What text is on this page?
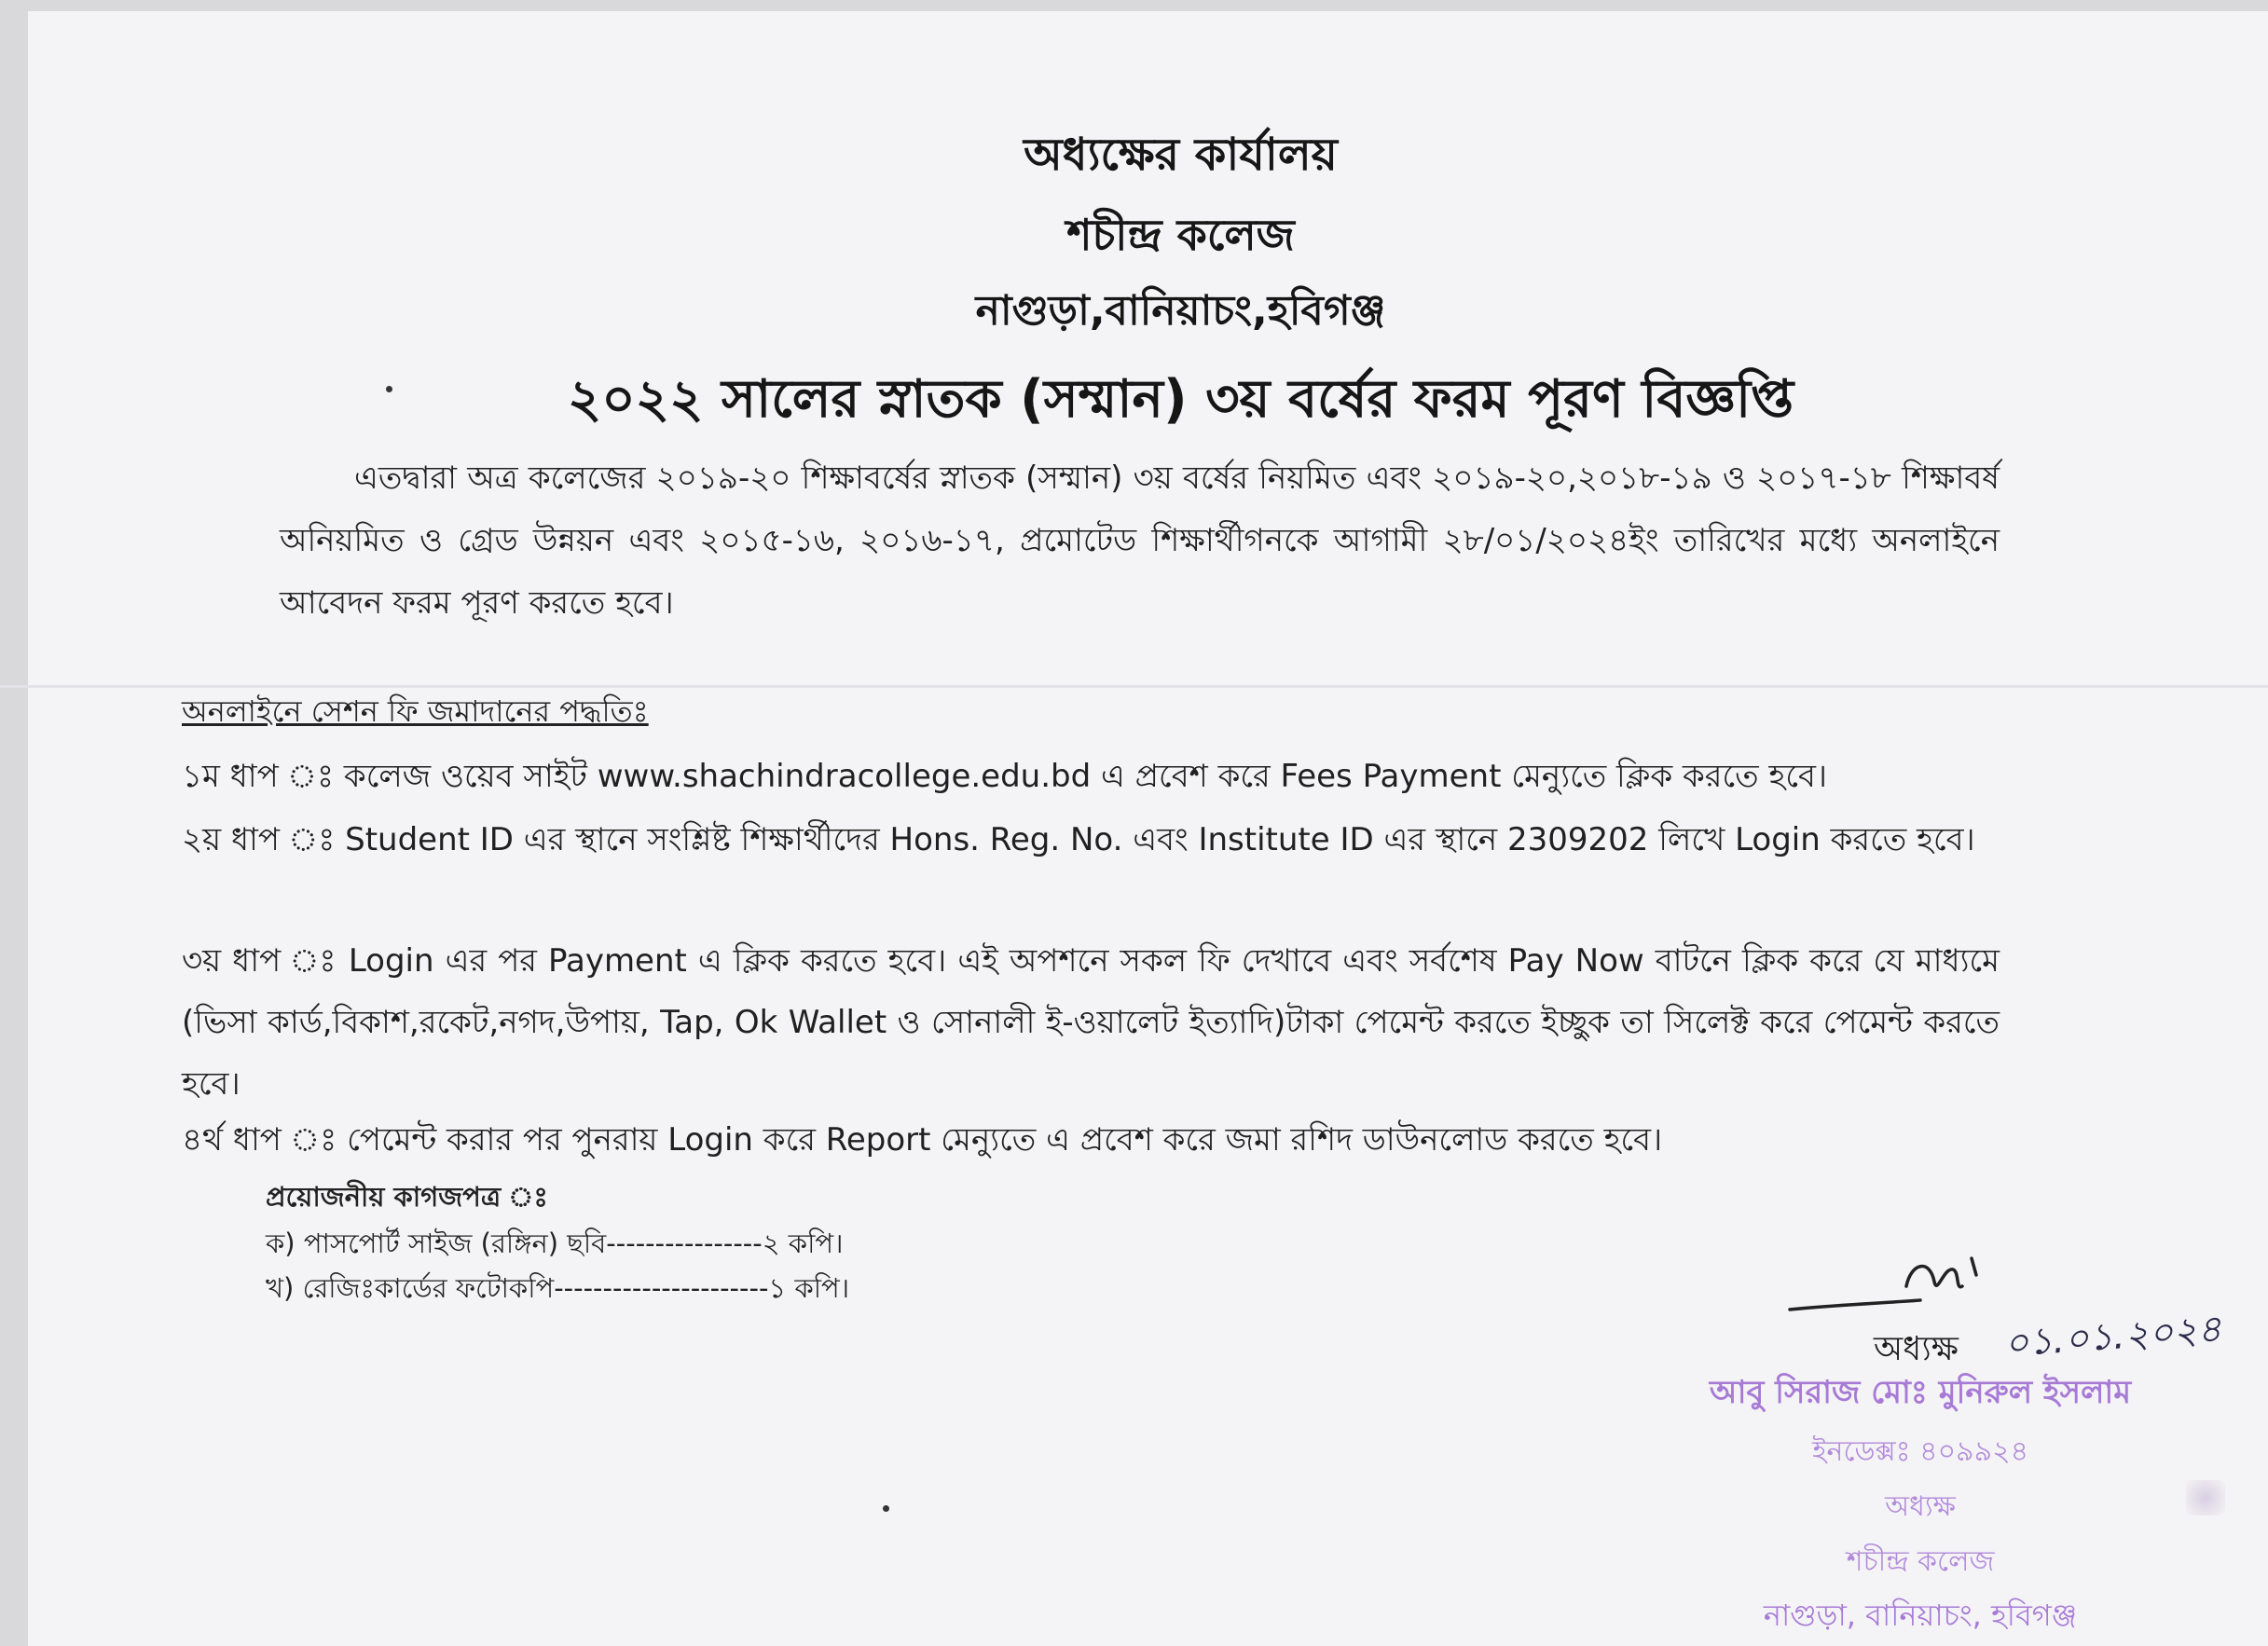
অধ্যক্ষের কার্যালয়
শচীন্দ্র কলেজ
নাগুড়া,বানিয়াচং,হবিগঞ্জ
২০২২ সালের স্নাতক (সম্মান) ৩য় বর্ষের ফরম পূরণ বিজ্ঞপ্তি
এতদ্বারা অত্র কলেজের ২০১৯-২০ শিক্ষাবর্ষের স্নাতক (সম্মান) ৩য় বর্ষের নিয়মিত এবং ২০১৯-২০,২০১৮-১৯ ও ২০১৭-১৮ শিক্ষাবর্ষ অনিয়মিত ও গ্রেড উন্নয়ন এবং ২০১৫-১৬, ২০১৬-১৭, প্রমোটেড শিক্ষার্থীগনকে আগামী ২৮/০১/২০২৪ইং তারিখের মধ্যে অনলাইনে আবেদন ফরম পূরণ করতে হবে।
অনলাইনে সেশন ফি জমাদানের পদ্ধতিঃ
১ম ধাপ ঃ কলেজ ওয়েব সাইট www.shachindracollege.edu.bd এ প্রবেশ করে Fees Payment মেন্যুতে ক্লিক করতে হবে।
২য় ধাপ ঃ Student ID এর স্থানে সংশ্লিষ্ট শিক্ষার্থীদের Hons. Reg. No. এবং Institute ID এর স্থানে 2309202 লিখে Login করতে হবে।
৩য় ধাপ ঃ Login এর পর Payment এ ক্লিক করতে হবে। এই অপশনে সকল ফি দেখাবে এবং সর্বশেষ Pay Now বাটনে ক্লিক করে যে মাধ্যমে (ভিসা কার্ড,বিকাশ,রকেট,নগদ,উপায়, Tap, Ok Wallet ও সোনালী ই-ওয়ালেট ইত্যাদি)টাকা পেমেন্ট করতে ইচ্ছুক তা সিলেক্ট করে পেমেন্ট করতে হবে।
৪র্থ ধাপ ঃ পেমেন্ট করার পর পুনরায় Login করে Report মেন্যুতে এ প্রবেশ করে জমা রশিদ ডাউনলোড করতে হবে।
প্রয়োজনীয় কাগজপত্র ঃ
ক) পাসপোর্ট সাইজ (রঙ্গিন) ছবি----------------২ কপি।
খ) রেজিঃকার্ডের ফটোকপি----------------------১ কপি।
অধ্যক্ষ ০১.০১.২০২৪
আবু সিরাজ মোঃ মুনিরুল ইসলাম
ইনডেক্সঃ ৪০৯৯২৪
অধ্যক্ষ
শচীন্দ্র কলেজ
নাগুড়া, বানিয়াচং, হবিগঞ্জ
